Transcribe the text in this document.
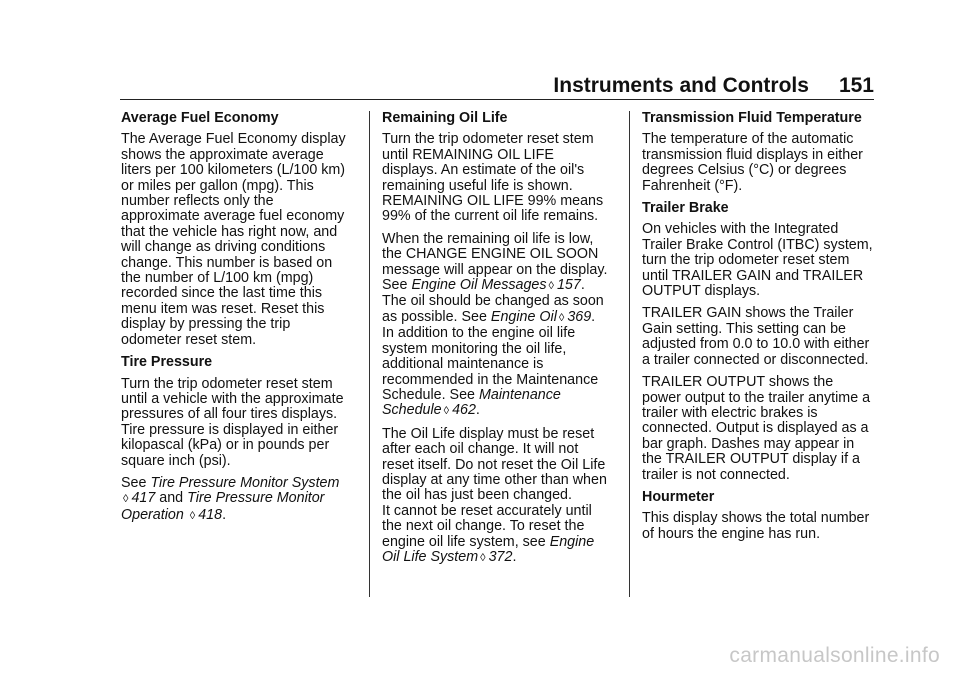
Instruments and Controls 151
Average Fuel Economy

The Average Fuel Economy display
shows the approximate average
liters per 100 kilometers (L/100 km)
or miles per gallon (mpg). This
number reflects only the
approximate average fuel economy
that the vehicle has right now, and
will change as driving conditions
change. This number is based on
the number of L/100 km (mpg)
recorded since the last time this
menu item was reset. Reset this
display by pressing the trip
odometer reset stem.

Tire Pressure

Turn the trip odometer reset stem
until a vehicle with the approximate
pressures of all four tires displays.
Tire pressure is displayed in either
kilopascal (kPa) or in pounds per
square inch (psi).

See Tire Pressure Monitor System
◊ 417 and Tire Pressure Monitor
Operation ◊ 418.

Remaining Oil Life

Turn the trip odometer reset stem
until REMAINING OIL LIFE
displays. An estimate of the oil's
remaining useful life is shown.
REMAINING OIL LIFE 99% means
99% of the current oil life remains.

When the remaining oil life is low,
the CHANGE ENGINE OIL SOON
message will appear on the display.
See Engine Oil Messages ◊ 157.
The oil should be changed as soon
as possible. See Engine Oil ◊ 369.
In addition to the engine oil life
system monitoring the oil life,
additional maintenance is
recommended in the Maintenance
Schedule. See Maintenance
Schedule ◊ 462.

The Oil Life display must be reset
after each oil change. It will not
reset itself. Do not reset the Oil Life
display at any time other than when
the oil has just been changed.
It cannot be reset accurately until
the next oil change. To reset the
engine oil life system, see Engine
Oil Life System ◊ 372.

Transmission Fluid Temperature

The temperature of the automatic
transmission fluid displays in either
degrees Celsius (°C) or degrees
Fahrenheit (°F).

Trailer Brake

On vehicles with the Integrated
Trailer Brake Control (ITBC) system,
turn the trip odometer reset stem
until TRAILER GAIN and TRAILER
OUTPUT displays.

TRAILER GAIN shows the Trailer
Gain setting. This setting can be
adjusted from 0.0 to 10.0 with either
a trailer connected or disconnected.

TRAILER OUTPUT shows the
power output to the trailer anytime a
trailer with electric brakes is
connected. Output is displayed as a
bar graph. Dashes may appear in
the TRAILER OUTPUT display if a
trailer is not connected.

Hourmeter

This display shows the total number
of hours the engine has run.

carmanualsonline.info
